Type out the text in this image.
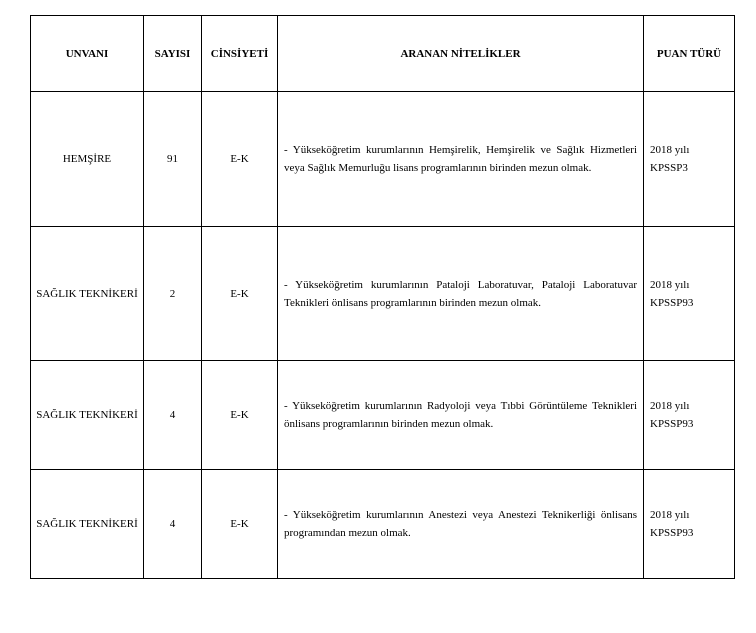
UNVANI	SAYISI	CİNSİYETİ	ARANAN NİTELİKLER	PUAN TÜRÜ
HEMŞİRE	91	E-K	- Yükseköğretim kurumlarının Hemşirelik, Hemşirelik ve Sağlık Hizmetleri veya Sağlık Memurluğu lisans programlarının birinden mezun olmak.	2018 yılı
KPSSP3

SAĞLIK TEKNİKERİ	2	E-K	- Yükseköğretim kurumlarının Pataloji Laboratuvar, Pataloji Laboratuvar Teknikleri önlisans programlarının birinden mezun olmak.	2018 yılı
KPSSP93

SAĞLIK TEKNİKERİ	4	E-K	- Yükseköğretim kurumlarının Radyoloji veya Tıbbi Görüntüleme Teknikleri önlisans programlarının birinden mezun olmak.	2018 yılı
KPSSP93

SAĞLIK TEKNİKERİ	4	E-K	- Yükseköğretim kurumlarının Anestezi veya Anestezi Teknikerliği önlisans programından mezun olmak.	2018 yılı
KPSSP93
